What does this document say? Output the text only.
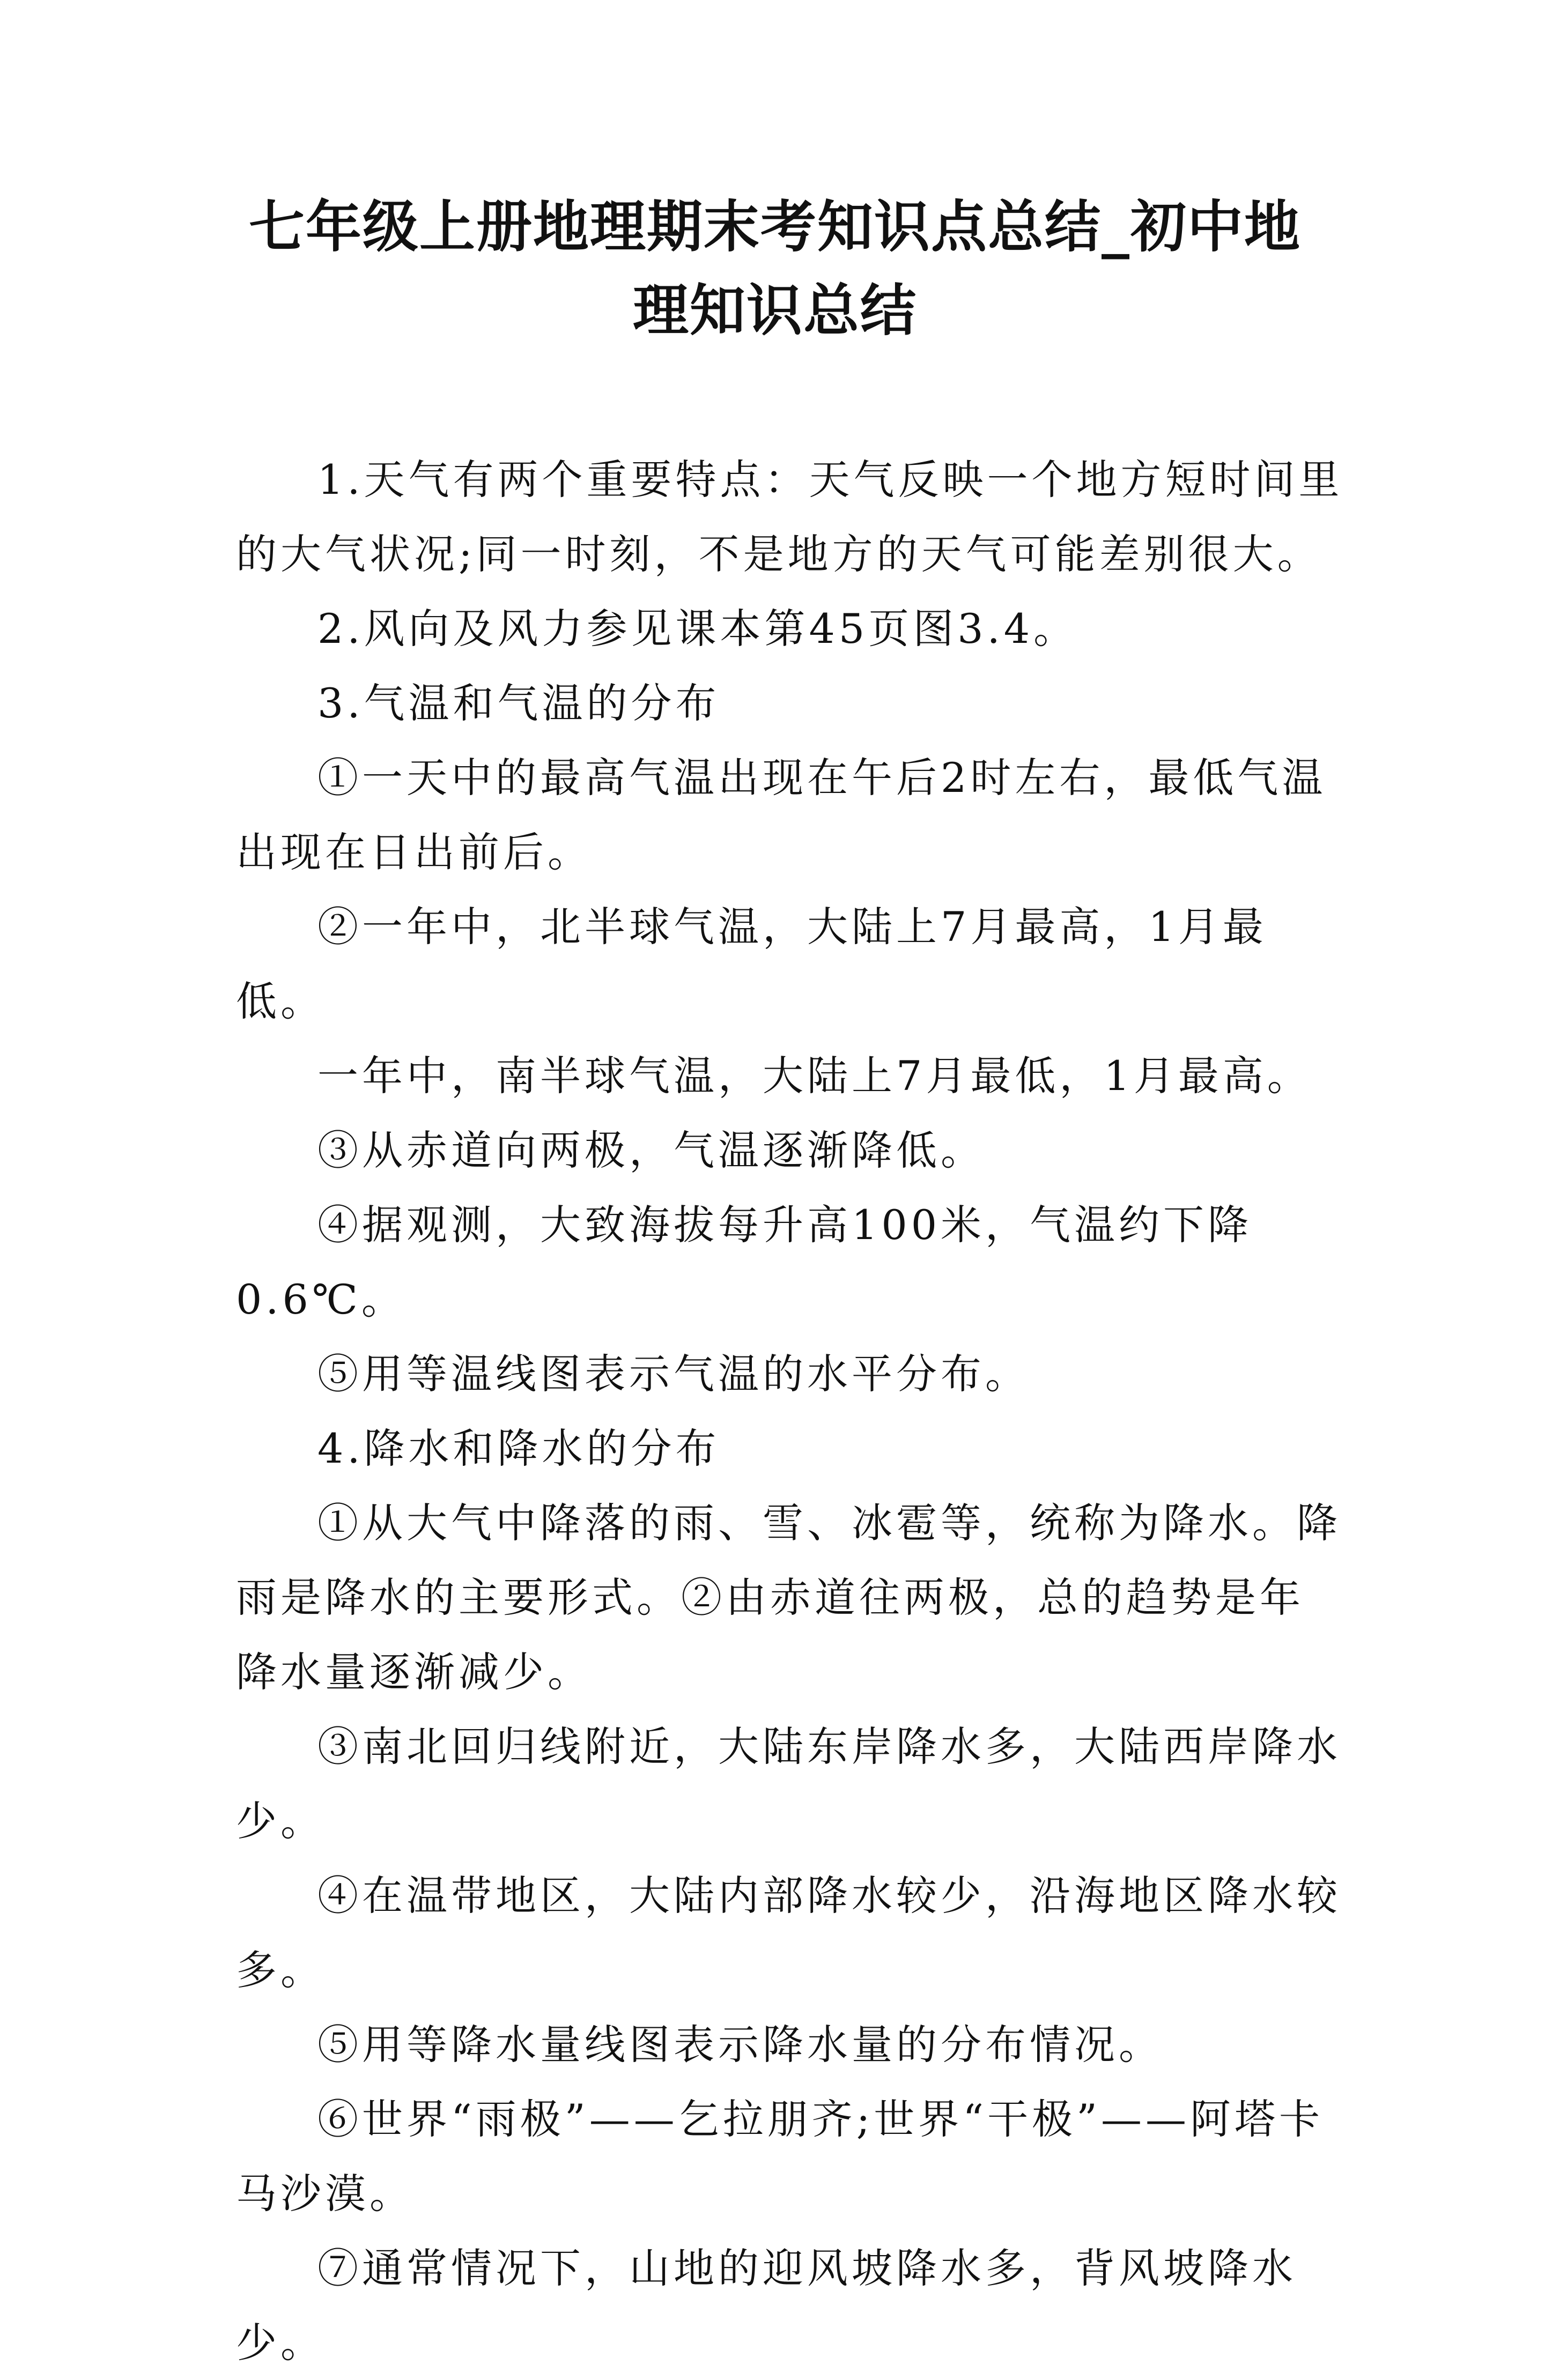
七年级上册地理期末考知识点总结_初中地
理知识总结

1.天气有两个重要特点：天气反映一个地方短时间里的大气状况;同一时刻，不是地方的天气可能差别很大。

2.风向及风力参见课本第45页图3.4。

3.气温和气温的分布

①一天中的最高气温出现在午后2时左右，最低气温出现在日出前后。

②一年中，北半球气温，大陆上7月最高，1月最低。

一年中，南半球气温，大陆上7月最低，1月最高。

③从赤道向两极，气温逐渐降低。

④据观测，大致海拔每升高100米，气温约下降0.6℃。

⑤用等温线图表示气温的水平分布。

4.降水和降水的分布

①从大气中降落的雨、雪、冰雹等，统称为降水。降雨是降水的主要形式。②由赤道往两极，总的趋势是年降水量逐渐减少。

③南北回归线附近，大陆东岸降水多，大陆西岸降水少。

④在温带地区，大陆内部降水较少，沿海地区降水较多。

⑤用等降水量线图表示降水量的分布情况。

⑥世界“雨极”——乞拉朋齐;世界“干极”——阿塔卡马沙漠。

⑦通常情况下，山地的迎风坡降水多，背风坡降水少。
